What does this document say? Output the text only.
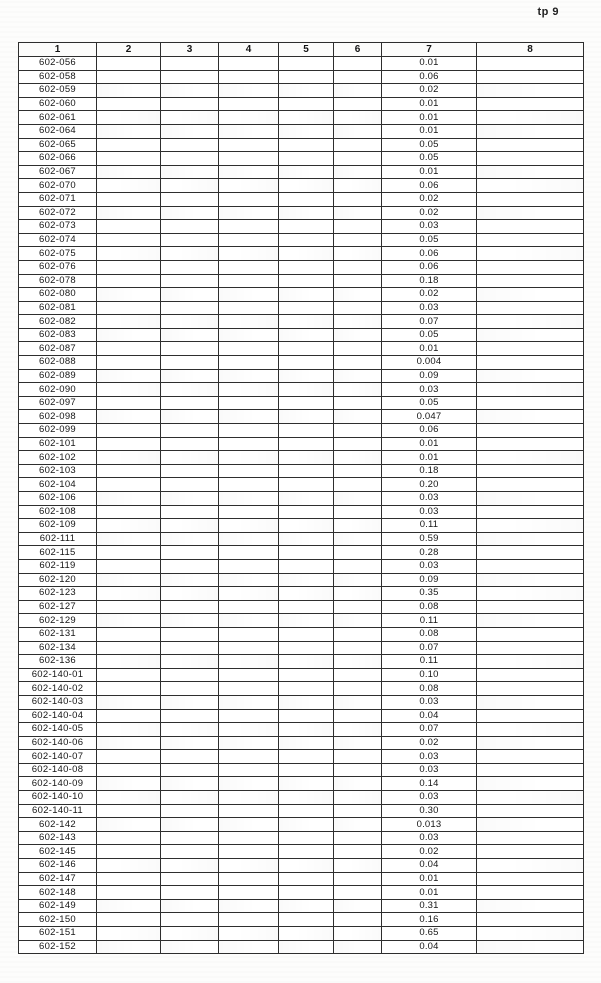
tp 9
1	2	3	4	5	6	7	8
602-056						0.01	
602-058						0.06	
602-059						0.02	
602-060						0.01	
602-061						0.01	
602-064						0.01	
602-065						0.05	
602-066						0.05	
602-067						0.01	
602-070						0.06	
602-071						0.02	
602-072						0.02	
602-073						0.03	
602-074						0.05	
602-075						0.06	
602-076						0.06	
602-078						0.18	
602-080						0.02	
602-081						0.03	
602-082						0.07	
602-083						0.05	
602-087						0.01	
602-088						0.004	
602-089						0.09	
602-090						0.03	
602-097						0.05	
602-098						0.047	
602-099						0.06	
602-101						0.01	
602-102						0.01	
602-103						0.18	
602-104						0.20	
602-106						0.03	
602-108						0.03	
602-109						0.11	
602-111						0.59	
602-115						0.28	
602-119						0.03	
602-120						0.09	
602-123						0.35	
602-127						0.08	
602-129						0.11	
602-131						0.08	
602-134						0.07	
602-136						0.11	
602-140-01						0.10	
602-140-02						0.08	
602-140-03						0.03	
602-140-04						0.04	
602-140-05						0.07	
602-140-06						0.02	
602-140-07						0.03	
602-140-08						0.03	
602-140-09						0.14	
602-140-10						0.03	
602-140-11						0.30	
602-142						0.013	
602-143						0.03	
602-145						0.02	
602-146						0.04	
602-147						0.01	
602-148						0.01	
602-149						0.31	
602-150						0.16	
602-151						0.65	
602-152						0.04	
